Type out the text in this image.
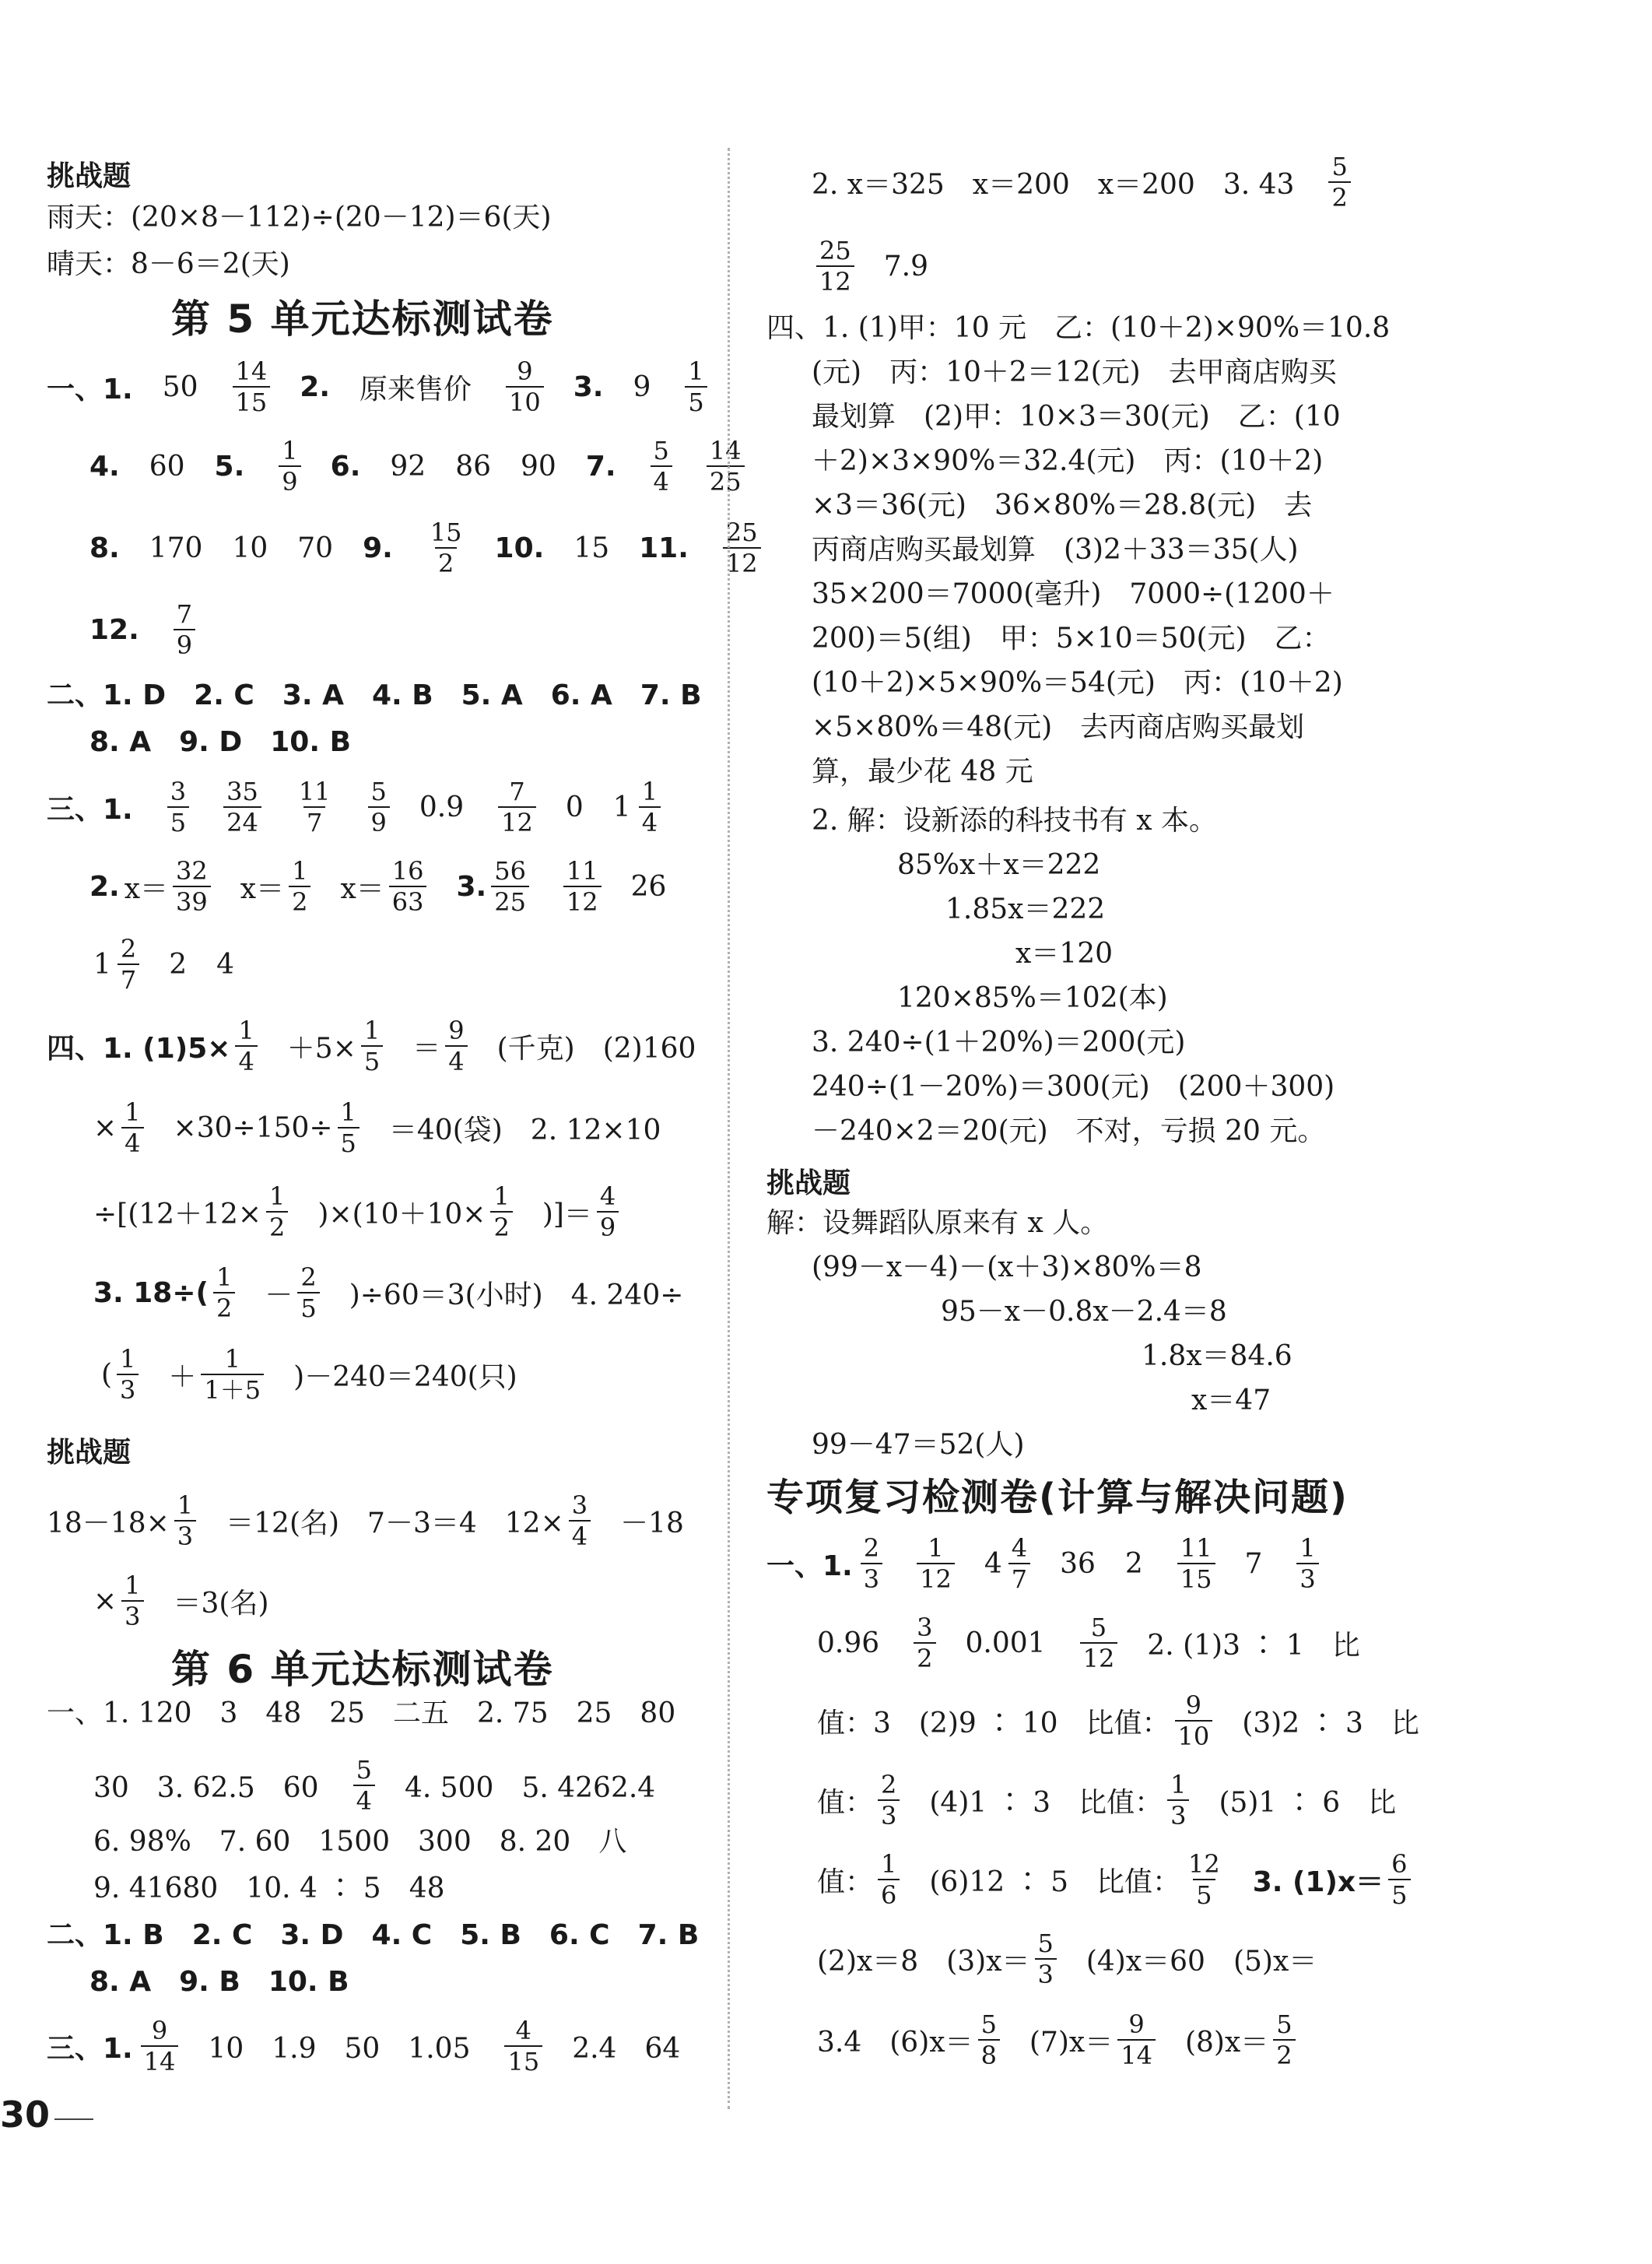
挑战题
雨天：(20×8－112)÷(20－12)＝6(天)
晴天：8－6＝2(天)
第 5 单元达标测试卷
一、1. $50 \frac{14}{15} 2$. 原来售价 $\frac{9}{10} 3$. $9 \frac{1}{5}$
4. 60 5. $\frac{1}{9} 6$. 92 86 90 7. $\frac{5}{4} \frac{14}{25}$
8. 170 10 70 9. $\frac{15}{2} 10$. 15 11. $\frac{25}{12}$
12. $\frac{7}{9}$
二、1. D　2. C　3. A　4. B　5. A　6. A　7. B
8. A　9. D　10. B
三、1. $\frac{3}{5} \frac{35}{24} \frac{11}{7} \frac{5}{9} 0.9 \frac{7}{12} 0$ $1 \frac{1}{4}$
2. $x= \frac{32}{39} x= \frac{1}{2} x= \frac{16}{63} 3$. $\frac{56}{25} \frac{11}{12} 26$
$1 \frac{2}{7} 2$ 4
四、1. $(1)5\times \frac{1}{4} +5\times \frac{1}{5} = \frac{9}{4}$ (千克)　(2)160
× $\frac{1}{4} \times 30\div 150\div \frac{1}{5} =40$(袋)　2. 12×10
$\div[(12+12\times \frac{1}{2} )\times(10+10\times \frac{1}{2}$ )]＝ $\frac{4}{9}$
3. $18\div( \frac{1}{2} - \frac{2}{5} )\div 60=3$(小时)　4. 240÷
( $\frac{1}{3} + \frac{1}{1+5} )-240=240$(只)
挑战题
$18-18\times \frac{1}{3} =12$(名)　7－3＝4　$12\times \frac{3}{4} -18$
× $\frac{1}{3} =3$(名)
第 6 单元达标测试卷
一、1. 120　3　48　25　二五　2. 75　25　80
30　3. 62.5　$60 \frac{5}{4} 4$. 500　5. 4262.4
6. 98%　7. 60　1500　300　8. 20　八
9. 41680　10. 4 ∶ 5　48
二、1. B　2. C　3. D　4. C　5. B　6. C　7. B
8. A　9. B　10. B
三、1. $\frac{9}{14} 10$　1.9　50　$1.05 \frac{4}{15} 2.4$　64
30
2. x＝325　x＝200　x＝200　3. $43 \frac{5}{2}$
$\frac{25}{12} 7.9$
四、1. (1)甲：10 元　乙：(10＋2)×90%＝10.8
(元)　丙：10＋2＝12(元)　去甲商店购买
最划算　(2)甲：10×3＝30(元)　乙：(10
＋2)×3×90%＝32.4(元)　丙：(10＋2)
×3＝36(元)　36×80%＝28.8(元)　去
丙商店购买最划算　(3)2＋33＝35(人)
35×200＝7000(毫升)　7000÷(1200＋
200)＝5(组)　甲：5×10＝50(元)　乙：
(10＋2)×5×90%＝54(元)　丙：(10＋2)
×5×80%＝48(元)　去丙商店购买最划
算，最少花 48 元
2. 解：设新添的科技书有 x 本。
85%x＋x＝222
1.85x＝222
x＝120
120×85%＝102(本)
3. 240÷(1＋20%)＝200(元)
240÷(1－20%)＝300(元)　(200＋300)
－240×2＝20(元)　不对，亏损 20 元。
挑战题
解：设舞蹈队原来有 x 人。
(99－x－4)－(x＋3)×80%＝8
95－x－0.8x－2.4＝8
1.8x＝84.6
x＝47
99－47＝52(人)
专项复习检测卷(计算与解决问题)
一、1. $\frac{2}{3} \frac{1}{12} 4 \frac{4}{7} 36$ $2 \frac{11}{15} 7 \frac{1}{3}$
$0.96 \frac{3}{2} 0.001 \frac{5}{12} 2$. (1)3 ∶ 1　比
值：3　(2)9 ∶ 10　比值： $\frac{9}{10} (3)2$ ∶ 3　比
值： $\frac{2}{3} (4)1$ ∶ 3　比值： $\frac{1}{3} (5)1$ ∶ 6　比
值： $\frac{1}{6} (6)12$ ∶ 5　比值： $\frac{12}{5} 3$. $(1)x= \frac{6}{5}$
(2)x＝8　$(3)x= \frac{5}{3} (4)x=60$　(5)x＝
3.4　$(6)x= \frac{5}{8} (7)x= \frac{9}{14} (8)x= \frac{5}{2}$
